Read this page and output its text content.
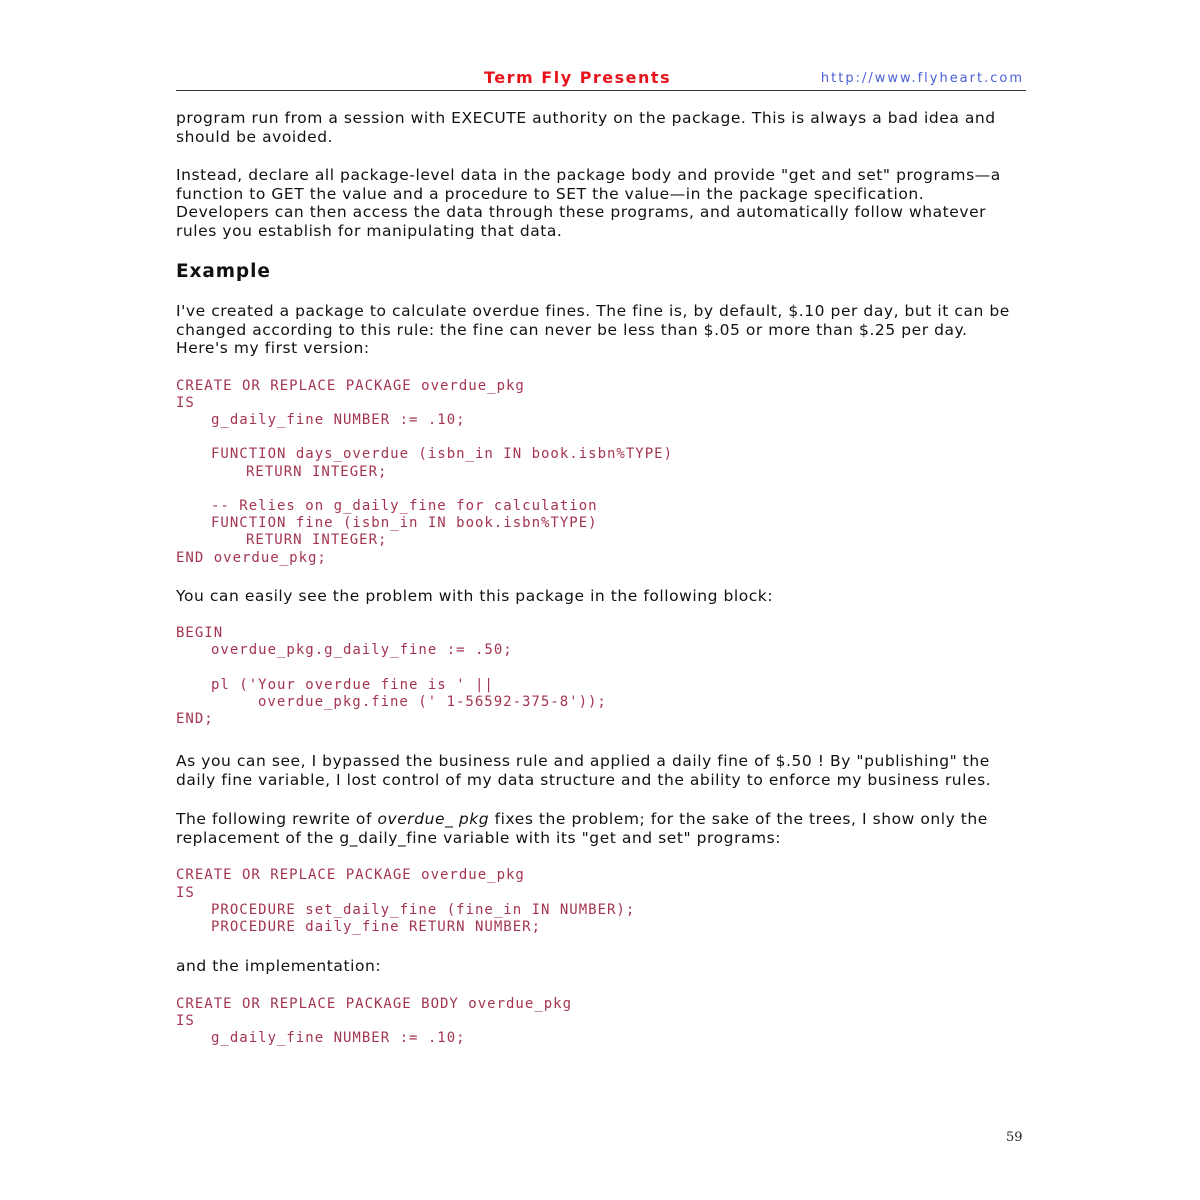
Term Fly Presents	http://www.flyheart.com

program run from a session with EXECUTE authority on the package. This is always a bad idea and should be avoided.

Instead, declare all package-level data in the package body and provide "get and set" programs—a function to GET the value and a procedure to SET the value—in the package specification. Developers can then access the data through these programs, and automatically follow whatever rules you establish for manipulating that data.

Example

I've created a package to calculate overdue fines. The fine is, by default, $.10 per day, but it can be changed according to this rule: the fine can never be less than $.05 or more than $.25 per day. Here's my first version:

CREATE OR REPLACE PACKAGE overdue_pkg
IS
g_daily_fine NUMBER := .10;
FUNCTION days_overdue (isbn_in IN book.isbn%TYPE)
RETURN INTEGER;
-- Relies on g_daily_fine for calculation
FUNCTION fine (isbn_in IN book.isbn%TYPE)
RETURN INTEGER;
END overdue_pkg;

You can easily see the problem with this package in the following block:

BEGIN
overdue_pkg.g_daily_fine := .50;
pl ('Your overdue fine is ' ||
overdue_pkg.fine (' 1-56592-375-8'));
END;

As you can see, I bypassed the business rule and applied a daily fine of $.50 ! By "publishing" the daily fine variable, I lost control of my data structure and the ability to enforce my business rules.

The following rewrite of overdue_ pkg fixes the problem; for the sake of the trees, I show only the replacement of the g_daily_fine variable with its "get and set" programs:

CREATE OR REPLACE PACKAGE overdue_pkg
IS
PROCEDURE set_daily_fine (fine_in IN NUMBER);
PROCEDURE daily_fine RETURN NUMBER;

and the implementation:

CREATE OR REPLACE PACKAGE BODY overdue_pkg
IS
g_daily_fine NUMBER := .10;
59
